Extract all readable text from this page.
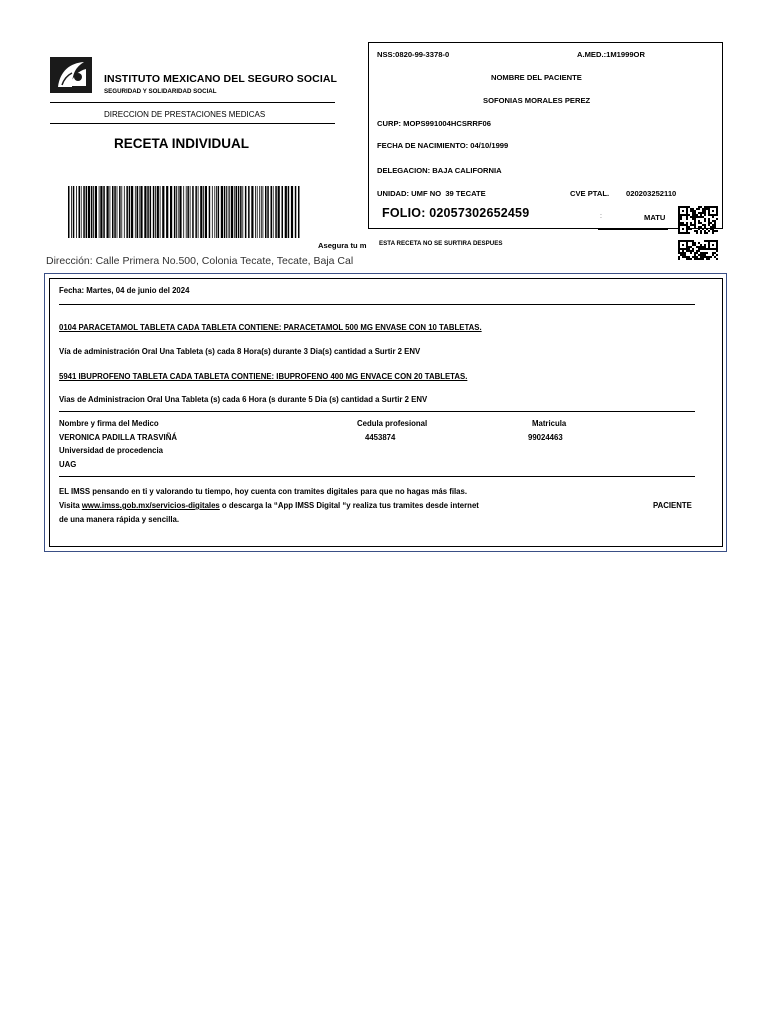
INSTITUTO MEXICANO DEL SEGURO SOCIAL
SEGURIDAD Y SOLIDARIDAD SOCIAL
DIRECCION DE PRESTACIONES MEDICAS
RECETA INDIVIDUAL
NSS:0820-99-3378-0	A.MED.:1M1999OR
NOMBRE DEL PACIENTE
SOFONIAS MORALES PEREZ
CURP: MOPS991004HCSRRF06
FECHA DE NACIMIENTO: 04/10/1999
DELEGACION: BAJA CALIFORNIA
UNIDAD: UMF NO  39 TECATE	CVE PTAL. 020203252110
FOLIO: 02057302652459	:	MATU
Asegura tu m ESTA RECETA NO SE SURTIRA DESPUES
Dirección: Calle Primera No.500, Colonia Tecate, Tecate, Baja Cal
Fecha: Martes, 04 de junio del 2024
0104 PARACETAMOL TABLETA CADA TABLETA CONTIENE: PARACETAMOL 500 MG ENVASE CON 10 TABLETAS.
Vía de administración Oral Una Tableta (s) cada 8 Hora(s) durante 3 Dia(s) cantidad a Surtir 2 ENV
5941 IBUPROFENO TABLETA CADA TABLETA CONTIENE: IBUPROFENO 400 MG ENVACE CON 20 TABLETAS.
Vias de Administracion Oral Una Tableta (s) cada 6 Hora (s durante 5 Dia (s) cantidad a Surtir 2 ENV
Nombre y firma del Medico	Cedula profesional	Matricula
VERONICA PADILLA TRASVIÑÁ	4453874	99024463
Universidad de procedencia
UAG
EL IMSS pensando en ti y valorando tu tiempo, hoy cuenta con tramites digitales para que no hagas más filas.
Visita www.imss.gob.mx/servicios-digitales o descarga la “App IMSS Digital “y realiza tus tramites desde internet	PACIENTE
de una manera rápida y sencilla.
